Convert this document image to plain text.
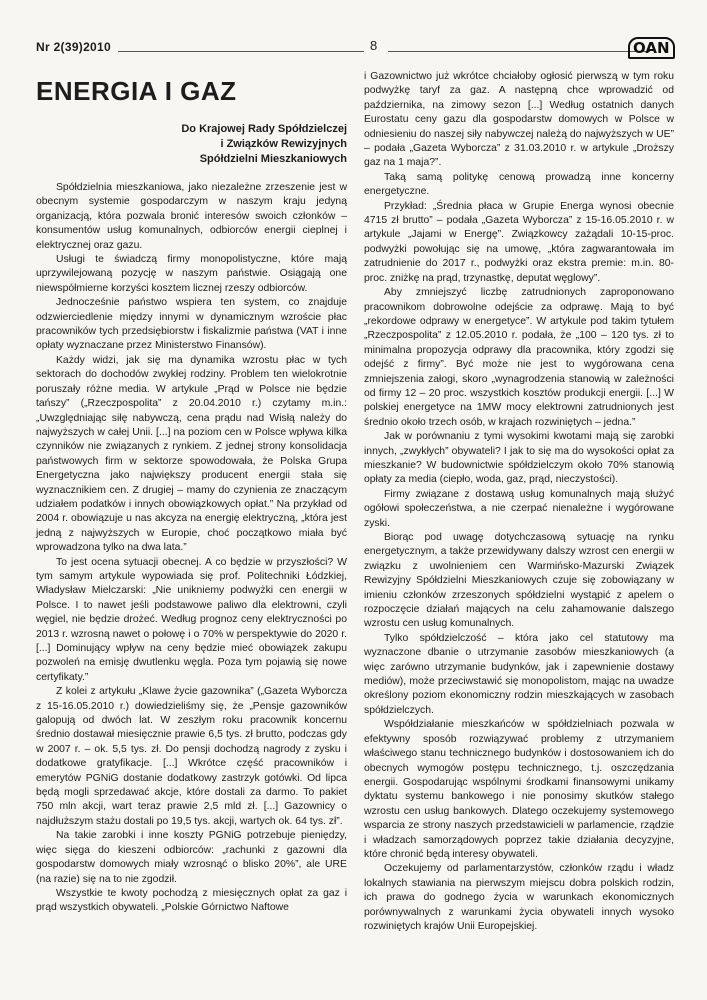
Nr 2(39)2010	8	OAN
ENERGIA I GAZ
Do Krajowej Rady Spółdzielczej
i Związków Rewizyjnych
Spółdzielni Mieszkaniowych

Spółdzielnia mieszkaniowa, jako niezależne zrzeszenie jest w obecnym systemie gospodarczym w naszym kraju jedyną organizacją, która pozwala bronić interesów swoich członków – konsumentów usług komunalnych, odbiorców energii cieplnej i elektrycznej oraz gazu.

Usługi te świadczą firmy monopolistyczne, które mają uprzywilejowaną pozycję w naszym państwie. Osiągają one niewspółmierne korzyści kosztem licznej rzeszy odbiorców.

Jednocześnie państwo wspiera ten system, co znajduje odzwierciedlenie między innymi w dynamicznym wzroście płac pracowników tych przedsiębiorstw i fiskalizmie państwa (VAT i inne opłaty wyznaczane przez Ministerstwo Finansów).

Każdy widzi, jak się ma dynamika wzrostu płac w tych sektorach do dochodów zwykłej rodziny. Problem ten wielokrotnie poruszały różne media. W artykule „Prąd w Polsce nie będzie tańszy” („Rzeczpospolita” z 20.04.2010 r.) czytamy m.in.: „Uwzględniając siłę nabywczą, cena prądu nad Wisłą należy do najwyższych w całej Unii. [...] na poziom cen w Polsce wpływa kilka czynników nie związanych z rynkiem. Z jednej strony konsolidacja państwowych firm w sektorze spowodowała, że Polska Grupa Energetyczna jako największy producent energii stała się wyznacznikiem cen. Z drugiej – mamy do czynienia ze znaczącym udziałem podatków i innych obowiązkowych opłat.” Na przykład od 2004 r. obowiązuje u nas akcyza na energię elektryczną, „która jest jedną z najwyższych w Europie, choć początkowo miała być wprowadzona tylko na dwa lata.”

To jest ocena sytuacji obecnej. A co będzie w przyszłości? W tym samym artykule wypowiada się prof. Politechniki Łódzkiej, Władysław Mielczarski: „Nie unikniemy podwyżki cen energii w Polsce. I to nawet jeśli podstawowe paliwo dla elektrowni, czyli węgiel, nie będzie drożeć. Według prognoz ceny elektryczności po 2013 r. wzrosną nawet o połowę i o 70% w perspektywie do 2020 r. [...] Dominujący wpływ na ceny będzie mieć obowiązek zakupu pozwoleń na emisję dwutlenku węgla. Poza tym pojawią się nowe certyfikaty.”

Z kolei z artykułu „Klawe życie gazownika” („Gazeta Wyborcza z 15-16.05.2010 r.) dowiedzieliśmy się, że „Pensje gazowników galopują od dwóch lat. W zeszłym roku pracownik koncernu średnio dostawał miesięcznie prawie 6,5 tys. zł brutto, podczas gdy w 2007 r. – ok. 5,5 tys. zł. Do pensji dochodzą nagrody z zysku i dodatkowe gratyfikacje. [...] Wkrótce część pracowników i emerytów PGNiG dostanie dodatkowy zastrzyk gotówki. Od lipca będą mogli sprzedawać akcje, które dostali za darmo. To pakiet 750 mln akcji, wart teraz prawie 2,5 mld zł. [...] Gazownicy o najdłuższym stażu dostali po 19,5 tys. akcji, wartych ok. 64 tys. zł”.

Na takie zarobki i inne koszty PGNiG potrzebuje pieniędzy, więc sięga do kieszeni odbiorców: „rachunki z gazowni dla gospodarstw domowych miały wzrosnąć o blisko 20%”, ale URE (na razie) się na to nie zgodził.

Wszystkie te kwoty pochodzą z miesięcznych opłat za gaz i prąd wszystkich obywateli. „Polskie Górnictwo Naftowe

i Gazownictwo już wkrótce chciałoby ogłosić pierwszą w tym roku podwyżkę taryf za gaz. A następną chce wprowadzić od października, na zimowy sezon [...] Według ostatnich danych Eurostatu ceny gazu dla gospodarstw domowych w Polsce w odniesieniu do naszej siły nabywczej należą do najwyższych w UE” – podała „Gazeta Wyborcza” z 31.03.2010 r. w artykule „Droższy gaz na 1 maja?”.

Taką samą politykę cenową prowadzą inne koncerny energetyczne.

Przykład: „Średnia płaca w Grupie Energa wynosi obecnie 4715 zł brutto” – podała „Gazeta Wyborcza” z 15-16.05.2010 r. w artykule „Jajami w Energę”. Związkowcy zażądali 10-15-proc. podwyżki powołując się na umowę, „która zagwarantowała im zatrudnienie do 2017 r., podwyżki oraz ekstra premie: m.in. 80-proc. zniżkę na prąd, trzynastkę, deputat węglowy”.

Aby zmniejszyć liczbę zatrudnionych zaproponowano pracownikom dobrowolne odejście za odprawę. Mają to być „rekordowe odprawy w energetyce”. W artykule pod takim tytułem „Rzeczpospolita” z 12.05.2010 r. podała, że „100 – 120 tys. zł to minimalna propozycja odprawy dla pracownika, który zgodzi się odejść z firmy”. Być może nie jest to wygórowana cena zmniejszenia załogi, skoro „wynagrodzenia stanowią w zależności od firmy 12 – 20 proc. wszystkich kosztów produkcji energii. [...] W polskiej energetyce na 1MW mocy elektrowni zatrudnionych jest średnio około trzech osób, w krajach rozwiniętych – jedna.”

Jak w porównaniu z tymi wysokimi kwotami mają się zarobki innych, „zwykłych” obywateli? I jak to się ma do wysokości opłat za mieszkanie? W budownictwie spółdzielczym około 70% stanowią opłaty za media (ciepło, woda, gaz, prąd, nieczystości).

Firmy związane z dostawą usług komunalnych mają służyć ogółowi społeczeństwa, a nie czerpać nienależne i wygórowane zyski.

Biorąc pod uwagę dotychczasową sytuację na rynku energetycznym, a także przewidywany dalszy wzrost cen energii w związku z uwolnieniem cen Warmińsko-Mazurski Związek Rewizyjny Spółdzielni Mieszkaniowych czuje się zobowiązany w imieniu członków zrzeszonych spółdzielni wystąpić z apelem o rozpoczęcie działań mających na celu zahamowanie dalszego wzrostu cen usług komunalnych.

Tylko spółdzielczość – która jako cel statutowy ma wyznaczone dbanie o utrzymanie zasobów mieszkaniowych (a więc zarówno utrzymanie budynków, jak i zapewnienie dostawy mediów), może przeciwstawić się monopolistom, mając na uwadze określony poziom ekonomiczny rodzin mieszkających w zasobach spółdzielczych.

Współdziałanie mieszkańców w spółdzielniach pozwala w efektywny sposób rozwiązywać problemy z utrzymaniem właściwego stanu technicznego budynków i dostosowaniem ich do obecnych wymogów postępu technicznego, t.j. oszczędzania energii. Gospodarując wspólnymi środkami finansowymi unikamy dyktatu systemu bankowego i nie ponosimy skutków stałego wzrostu cen usług bankowych. Dlatego oczekujemy systemowego wsparcia ze strony naszych przedstawicieli w parlamencie, rządzie i władzach samorządowych poprzez takie działania decyzyjne, które chronić będą interesy obywateli.

Oczekujemy od parlamentarzystów, członków rządu i władz lokalnych stawiania na pierwszym miejscu dobra polskich rodzin, ich prawa do godnego życia w warunkach ekonomicznych porównywalnych z warunkami życia obywateli innych wysoko rozwiniętych krajów Unii Europejskiej.
